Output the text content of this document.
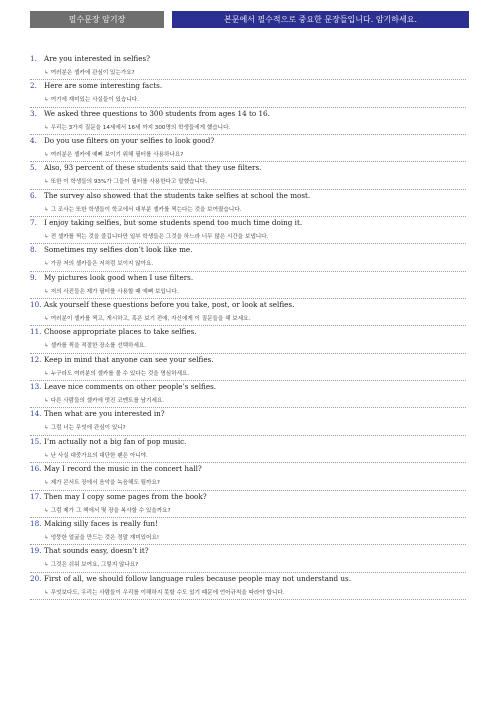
필수문장 암기장	본문에서 필수적으로 중요한 문장들입니다. 암기하세요.
1. Are you interested in selfies?
↳ 여러분은 셀카에 관심이 있는가요?
2. Here are some interesting facts.
↳ 여기에 재미있는 사실들이 있습니다.
3. We asked three questions to 300 students from ages 14 to 16.
↳ 우리는 3가지 질문을 14세에서 16세 까지 300명의 학생들에게 했습니다.
4. Do you use filters on your selfies to look good?
↳ 여러분은 셀카에 예뻐 보이기 위해 필터를 사용하나요?
5. Also, 93 percent of these students said that they use filters.
↳ 또한 이 학생들의 93%가 그들이 필터를 사용한다고 말했습니다.
6. The survey also showed that the students take selfies at school the most.
↳ 그 조사는 또한 학생들이 학교에서 대부분 셀카를 찍는다는 것을 보여줬습니다.
7. I enjoy taking selfies, but some students spend too much time doing it.
↳ 전 셀카를 찍는 것을 즐깁니다만 일부 학생들은 그것을 하느라 너무 많은 시간을 보냅니다.
8. Sometimes my selfies don’t look like me.
↳ 가끔 저의 셀카들은 저처럼 보이지 않아요.
9. My pictures look good when I use filters.
↳ 저의 사진들은 제가 필터를 사용할 때 예뻐 보입니다.
10. Ask yourself these questions before you take, post, or look at selfies.
↳ 여러분이 셀카를 찍고, 게시하고, 혹은 보기 전에, 자신에게 이 질문들을 해 보세요.
11. Choose appropriate places to take selfies.
↳ 셀카를 찍을 적절한 장소를 선택하세요.
12. Keep in mind that anyone can see your selfies.
↳ 누구라도 여러분의 셀카를 볼 수 있다는 것을 명심하세요.
13. Leave nice comments on other people’s selfies.
↳ 다른 사람들의 셀카에 멋진 코멘트를 남기세요.
14. Then what are you interested in?
↳ 그럼 너는 무엇에 관심이 있니?
15. I’m actually not a big fan of pop music.
↳ 난 사실 대중가요의 대단한 팬은 아니야.
16. May I record the music in the concert hall?
↳ 제가 콘서트 장에서 음악을 녹음해도 될까요?
17. Then may I copy some pages from the book?
↳ 그럼 제가 그 책에서 몇 장을 복사할 수 있을까요?
18. Making silly faces is really fun!
↳ 엉뚱한 얼굴을 만드는 것은 정말 재미있어요!
19. That sounds easy, doesn’t it?
↳ 그것은 쉬워 보여요, 그렇지 않나요?
20. First of all, we should follow language rules because people may not understand us.
↳ 무엇보다도, 우리는 사람들이 우리를 이해하지 못할 수도 있기 때문에 언어규칙을 따라야 합니다.
